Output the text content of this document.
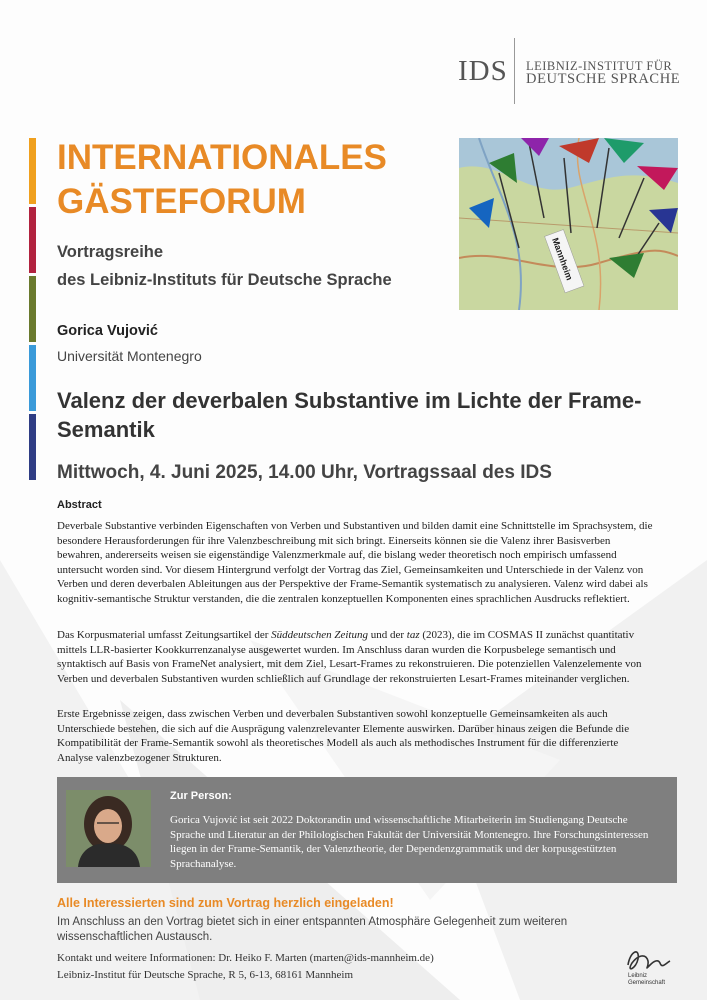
IDS LEIBNIZ-INSTITUT FÜR
DEUTSCHE SPRACHE
INTERNATIONALES
GÄSTEFORUM
Vortragsreihe
des Leibniz-Instituts für Deutsche Sprache	Mannheim
Gorica Vujović
Universität Montenegro
Valenz der deverbalen Substantive im Lichte der Frame-Semantik
Mittwoch, 4. Juni 2025, 14.00 Uhr, Vortragssaal des IDS
Abstract
Deverbale Substantive verbinden Eigenschaften von Verben und Substantiven und bilden damit eine Schnittstelle im Sprachsystem, die besondere Herausforderungen für ihre Valenzbeschreibung mit sich bringt. Einerseits können sie die Valenz ihrer Basisverben bewahren, andererseits weisen sie eigenständige Valenzmerkmale auf, die bislang weder theoretisch noch empirisch umfassend untersucht worden sind. Vor diesem Hintergrund verfolgt der Vortrag das Ziel, Gemeinsamkeiten und Unterschiede in der Valenz von Verben und deren deverbalen Ableitungen aus der Perspektive der Frame-Semantik systematisch zu analysieren. Valenz wird dabei als kognitiv-semantische Struktur verstanden, die die zentralen konzeptuellen Komponenten eines sprachlichen Ausdrucks reflektiert.
Das Korpusmaterial umfasst Zeitungsartikel der Süddeutschen Zeitung und der taz (2023), die im COSMAS II zunächst quantitativ mittels LLR-basierter Kookkurrenzanalyse ausgewertet wurden. Im Anschluss daran wurden die Korpusbelege semantisch und syntaktisch auf Basis von FrameNet analysiert, mit dem Ziel, Lesart-Frames zu rekonstruieren. Die potenziellen Valenzelemente von Verben und deverbalen Substantiven wurden schließlich auf Grundlage der rekonstruierten Lesart-Frames miteinander verglichen.
Erste Ergebnisse zeigen, dass zwischen Verben und deverbalen Substantiven sowohl konzeptuelle Gemeinsamkeiten als auch Unterschiede bestehen, die sich auf die Ausprägung valenzrelevanter Elemente auswirken. Darüber hinaus zeigen die Befunde die Kompatibilität der Frame-Semantik sowohl als theoretisches Modell als auch als methodisches Instrument für die differenzierte Analyse valenzbezogener Strukturen.
Zur Person:
Gorica Vujović ist seit 2022 Doktorandin und wissenschaftliche Mitarbeiterin im Studiengang Deutsche Sprache und Literatur an der Philologischen Fakultät der Universität Montenegro. Ihre Forschungsinteressen liegen in der Frame-Semantik, der Valenztheorie, der Dependenzgrammatik und der korpusgestützten Sprachanalyse.
Alle Interessierten sind zum Vortrag herzlich eingeladen!
Im Anschluss an den Vortrag bietet sich in einer entspannten Atmosphäre Gelegenheit zum weiteren wissenschaftlichen Austausch.
Kontakt und weitere Informationen: Dr. Heiko F. Marten (marten@ids-mannheim.de)
Leibniz-Institut für Deutsche Sprache, R 5, 6-13, 68161 Mannheim	Leibniz
Gemeinschaft
